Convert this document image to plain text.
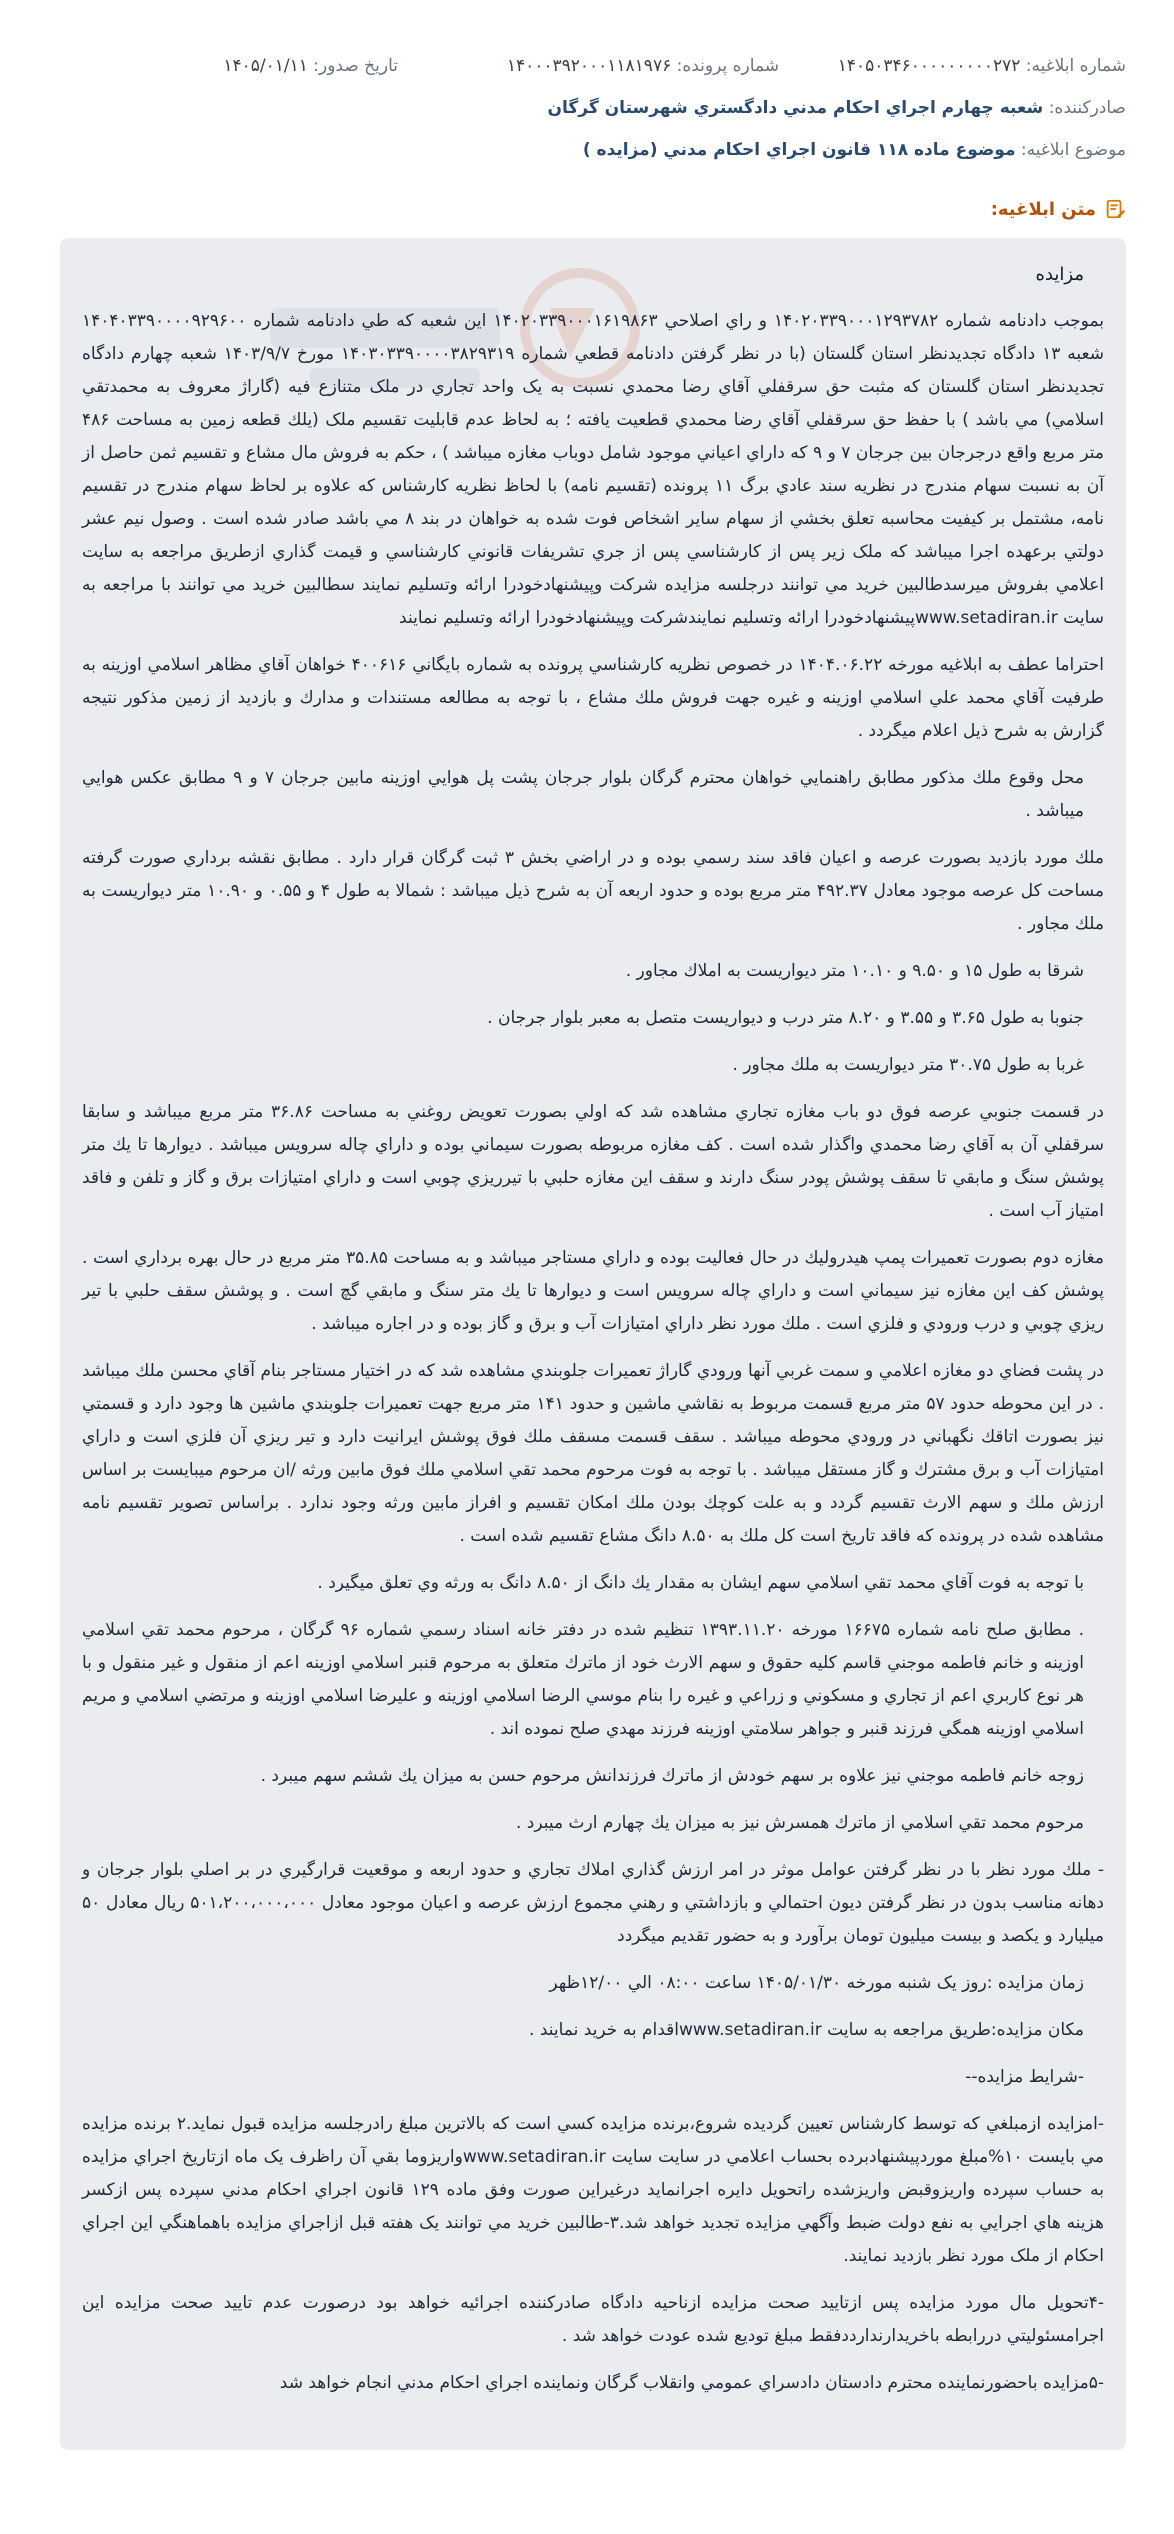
شماره ابلاغيه: ۱۴۰۵۰۳۴۶۰۰۰۰۰۰۰۰۰۲۷۲
شماره پرونده: ۱۴۰۰۰۳۹۲۰۰۰۱۱۸۱۹۷۶
تاريخ صدور: ۱۴۰۵/۰۱/۱۱
صادرکننده: شعبه چهارم اجراي احكام مدني دادگستري شهرستان گرگان
موضوع ابلاغيه: موضوع ماده ۱۱۸ قانون اجراي احكام مدني (مزايده )
متن ابلاغيه:
مزايده

بموجب دادنامه شماره ۱۴۰۲۰۳۳۹۰۰۰۱۲۹۳۷۸۲ و راي اصلاحي ۱۴۰۲۰۳۳۹۰۰۰۱۶۱۹۸۶۳ اين شعبه كه طي دادنامه شماره ۱۴۰۴۰۳۳۹۰۰۰۰۹۲۹۶۰۰ شعبه ۱۳ دادگاه تجديدنظر استان گلستان (با در نظر گرفتن دادنامه قطعي شماره ۱۴۰۳۰۳۳۹۰۰۰۰۳۸۲۹۳۱۹ مورخ ۱۴۰۳/۹/۷ شعبه چهارم دادگاه تجديدنظر استان گلستان كه مثبت حق سرقفلي آقاي رضا محمدي نسبت به يک واحد تجاري در ملک متنازع فيه (گاراژ معروف به محمدتقي اسلامي) مي باشد ) با حفظ حق سرقفلي آقاي رضا محمدي قطعيت يافته ؛ به لحاظ عدم قابليت تقسيم ملک (يلك قطعه زمين به مساحت ۴۸۶ متر مربع واقع درجرجان بين جرجان ۷ و ۹ كه داراي اعياني موجود شامل دوباب مغازه ميباشد ) ، حكم به فروش مال مشاع و تقسيم ثمن حاصل از آن به نسبت سهام مندرج در نظريه سند عادي برگ ۱۱ پرونده (تقسيم نامه) با لحاظ نظريه كارشناس كه علاوه بر لحاظ سهام مندرج در تقسيم نامه، مشتمل بر كيفيت محاسبه تعلق بخشي از سهام ساير اشخاص فوت شده به خواهان در بند ۸ مي باشد صادر شده است . وصول نيم عشر دولتي برعهده اجرا ميباشد كه ملک زير پس از كارشناسي پس از جري تشريفات قانوني كارشناسي و قيمت گذاري ازطريق مراجعه به سايت اعلامي بفروش ميرسدطالبين خريد مي توانند درجلسه مزايده شركت وپيشنهادخودرا ارائه وتسليم نمايند سطالبين خريد مي توانند با مراجعه به سايت www.setadiran.irپيشنهادخودرا ارائه وتسليم نمايندشركت وپيشنهادخودرا ارائه وتسليم نمايند

احتراما عطف به ابلاغيه مورخه ۱۴۰۴.۰۶.۲۲ در خصوص نظريه كارشناسي پرونده به شماره بايگاني ۴۰۰۶۱۶ خواهان آقاي مظاهر اسلامي اوزينه به طرفيت آقاي محمد علي اسلامي اوزينه و غيره جهت فروش ملك مشاع ، با توجه به مطالعه مستندات و مدارك و بازديد از زمين مذكور نتيجه گزارش به شرح ذيل اعلام ميگردد .

محل وقوع ملك مذكور مطابق راهنمايي خواهان محترم گرگان بلوار جرجان پشت پل هوايي اوزينه مابين جرجان ۷ و ۹ مطابق عكس هوايي ميباشد .

ملك مورد بازديد بصورت عرصه و اعيان فاقد سند رسمي بوده و در اراضي بخش ۳ ثبت گرگان قرار دارد . مطابق نقشه برداري صورت گرفته مساحت كل عرصه موجود معادل ۴۹۲.۳۷ متر مربع بوده و حدود اربعه آن به شرح ذيل ميباشد : شمالا به طول ۴ و ۰.۵۵ و ۱۰.۹۰ متر ديواريست به ملك مجاور .

شرقا به طول ۱۵ و ۹.۵۰ و ۱۰.۱۰ متر ديواريست به املاك مجاور .

جنوبا به طول ۳.۶۵ و ۳.۵۵ و ۸.۲۰ متر درب و ديواريست متصل به معبر بلوار جرجان .

غربا به طول ۳۰.۷۵ متر ديواريست به ملك مجاور .

در قسمت جنوبي عرصه فوق دو باب مغازه تجاري مشاهده شد كه اولي بصورت تعويض روغني به مساحت ۳۶.۸۶ متر مربع ميباشد و سابقا سرقفلي آن به آقاي رضا محمدي واگذار شده است . كف مغازه مربوطه بصورت سيماني بوده و داراي چاله سرويس ميباشد . ديوارها تا يك متر پوشش سنگ و مابقي تا سقف پوشش پودر سنگ دارند و سقف اين مغازه حلبي با تيرريزي چوبي است و داراي امتيازات برق و گاز و تلفن و فاقد امتياز آب است .

مغازه دوم بصورت تعميرات پمپ هيدروليك در حال فعاليت بوده و داراي مستاجر ميباشد و به مساحت ۳۵.۸۵ متر مربع در حال بهره برداري است . پوشش كف اين مغازه نيز سيماني است و داراي چاله سرويس است و ديوارها تا يك متر سنگ و مابقي گچ است . و پوشش سقف حلبي با تير ريزي چوبي و درب ورودي و فلزي است . ملك مورد نظر داراي امتيازات آب و برق و گاز بوده و در اجاره ميباشد .

در پشت فضاي دو مغازه اعلامي و سمت غربي آنها ورودي گاراژ تعميرات جلوبندي مشاهده شد كه در اختيار مستاجر بنام آقاي محسن ملك ميباشد . در اين محوطه حدود ۵۷ متر مربع قسمت مربوط به نقاشي ماشين و حدود ۱۴۱ متر مربع جهت تعميرات جلوبندي ماشين ها وجود دارد و قسمتي نيز بصورت اتاقك نگهباني در ورودي محوطه ميباشد . سقف قسمت مسقف ملك فوق پوشش ايرانيت دارد و تير ريزي آن فلزي است و داراي امتيازات آب و برق مشترك و گاز مستقل ميباشد . با توجه به فوت مرحوم محمد تقي اسلامي ملك فوق مابين ورثه /ان مرحوم ميبايست بر اساس ارزش ملك و سهم الارث تقسيم گردد و به علت كوچك بودن ملك امكان تقسيم و افراز مابين ورثه وجود ندارد . براساس تصوير تقسيم نامه مشاهده شده در پرونده كه فاقد تاريخ است كل ملك به ۸.۵۰ دانگ مشاع تقسيم شده است .

با توجه به فوت آقاي محمد تقي اسلامي سهم ايشان به مقدار يك دانگ از ۸.۵۰ دانگ به ورثه وي تعلق ميگيرد .

. مطابق صلح نامه شماره ۱۶۶۷۵ مورخه ۱۳۹۳.۱۱.۲۰ تنظيم شده در دفتر خانه اسناد رسمي شماره ۹۶ گرگان ، مرحوم محمد تقي اسلامي اوزينه و خانم فاطمه موجني قاسم كليه حقوق و سهم الارث خود از ماترك متعلق به مرحوم قنبر اسلامي اوزينه اعم از منقول و غير منقول و با هر نوع كاربري اعم از تجاري و مسكوني و زراعي و غيره را بنام موسي الرضا اسلامي اوزينه و عليرضا اسلامي اوزينه و مرتضي اسلامي و مريم اسلامي اوزينه همگي فرزند قنبر و جواهر سلامتي اوزينه فرزند مهدي صلح نموده اند .

زوجه خانم فاطمه موجني نيز علاوه بر سهم خودش از ماترك فرزندانش مرحوم حسن به ميزان يك ششم سهم ميبرد .

مرحوم محمد تقي اسلامي از ماترك همسرش نيز به ميزان يك چهارم ارث ميبرد .

- ملك مورد نظر با در نظر گرفتن عوامل موثر در امر ارزش گذاري املاك تجاري و حدود اربعه و موقعيت قرارگيري در بر اصلي بلوار جرجان و دهانه مناسب بدون در نظر گرفتن ديون احتمالي و بازداشتي و رهني مجموع ارزش عرصه و اعيان موجود معادل ۵۰۱،۲۰۰،۰۰۰،۰۰۰ ريال معادل ۵۰ ميليارد و يكصد و بيست ميليون تومان برآورد و به حضور تقديم ميگردد

زمان مزايده :روز يک شنبه مورخه ۱۴۰۵/۰۱/۳۰ ساعت ۰۸:۰۰ الي ۱۲/۰۰ظهر

مكان مزايده:طريق مراجعه به سايت www.setadiran.irاقدام به خريد نمايند .

-شرايط مزايده--

-امزايده ازمبلغي كه توسط كارشناس تعيين گرديده شروع،برنده مزايده كسي است كه بالاترين مبلغ رادرجلسه مزايده قبول نمايد.۲ برنده مزايده مي بايست ۱۰%مبلغ موردپيشنهادبرده بحساب اعلامي در سايت سايت www.setadiran.irواريزوما بقي آن راظرف يک ماه ازتاريخ اجراي مزايده به حساب سپرده واريزوقبض واريزشده راتحويل دايره اجرانمايد درغيراين صورت وفق ماده ۱۲۹ قانون اجراي احكام مدني سپرده پس ازكسر هزينه هاي اجرايي به نفع دولت ضبط وآگهي مزايده تجديد خواهد شد.۳-طالبين خريد مي توانند يک هفته قبل ازاجراي مزايده باهماهنگي اين اجراي احكام از ملک مورد نظر بازديد نمايند.

-۴تحويل مال مورد مزايده پس ازتاييد صحت مزايده ازناحيه دادگاه صادركننده اجرائيه خواهد بود درصورت عدم تاييد صحت مزايده اين اجرامسئوليتي دررابطه باخريدارندارددفقط مبلغ توديع شده عودت خواهد شد .

-۵مزايده باحضورنماينده محترم دادستان دادسراي عمومي وانقلاب گرگان ونماينده اجراي احكام مدني انجام خواهد شد
